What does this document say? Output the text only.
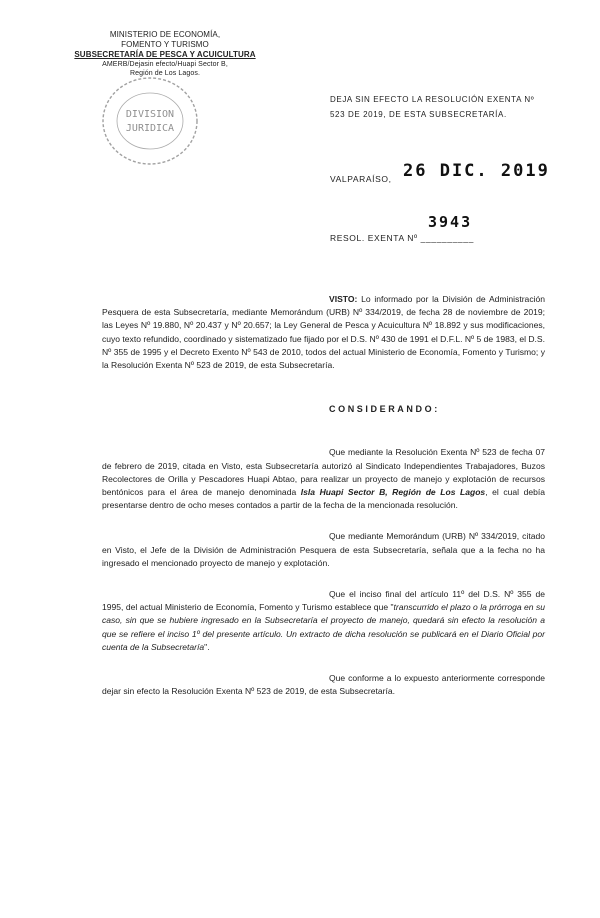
MINISTERIO DE ECONOMÍA,
FOMENTO Y TURISMO
SUBSECRETARÍA DE PESCA Y ACUICULTURA
AMERB/Dejasin efecto/Huapi Sector B,
Región de Los Lagos.
DIVISION
JURIDICA
DEJA SIN EFECTO LA RESOLUCIÓN EXENTA Nº
523 DE 2019, DE ESTA SUBSECRETARÍA.
VALPARAÍSO, 26 DIC. 2019
3943
RESOL. EXENTA Nº __________

VISTO: Lo informado por la División de Administración Pesquera de esta Subsecretaría, mediante Memorándum (URB) Nº 334/2019, de fecha 28 de noviembre de 2019; las Leyes Nº 19.880, Nº 20.437 y Nº 20.657; la Ley General de Pesca y Acuicultura Nº 18.892 y sus modificaciones, cuyo texto refundido, coordinado y sistematizado fue fijado por el D.S. Nº 430 de 1991 el D.F.L. Nº 5 de 1983, el D.S. Nº 355 de 1995 y el Decreto Exento Nº 543 de 2010, todos del actual Ministerio de Economía, Fomento y Turismo; y la Resolución Exenta Nº 523 de 2019, de esta Subsecretaría.

CONSIDERANDO:

Que mediante la Resolución Exenta Nº 523 de fecha 07 de febrero de 2019, citada en Visto, esta Subsecretaría autorizó al Sindicato Independientes Trabajadores, Buzos Recolectores de Orilla y Pescadores Huapi Abtao, para realizar un proyecto de manejo y explotación de recursos bentónicos para el área de manejo denominada Isla Huapi Sector B, Región de Los Lagos, el cual debía presentarse dentro de ocho meses contados a partir de la fecha de la mencionada resolución.

Que mediante Memorándum (URB) Nº 334/2019, citado en Visto, el Jefe de la División de Administración Pesquera de esta Subsecretaría, señala que a la fecha no ha ingresado el mencionado proyecto de manejo y explotación.

Que el inciso final del artículo 11º del D.S. Nº 355 de 1995, del actual Ministerio de Economía, Fomento y Turismo establece que "transcurrido el plazo o la prórroga en su caso, sin que se hubiere ingresado en la Subsecretaría el proyecto de manejo, quedará sin efecto la resolución a que se refiere el inciso 1º del presente artículo. Un extracto de dicha resolución se publicará en el Diario Oficial por cuenta de la Subsecretaría".

Que conforme a lo expuesto anteriormente corresponde dejar sin efecto la Resolución Exenta Nº 523 de 2019, de esta Subsecretaría.
